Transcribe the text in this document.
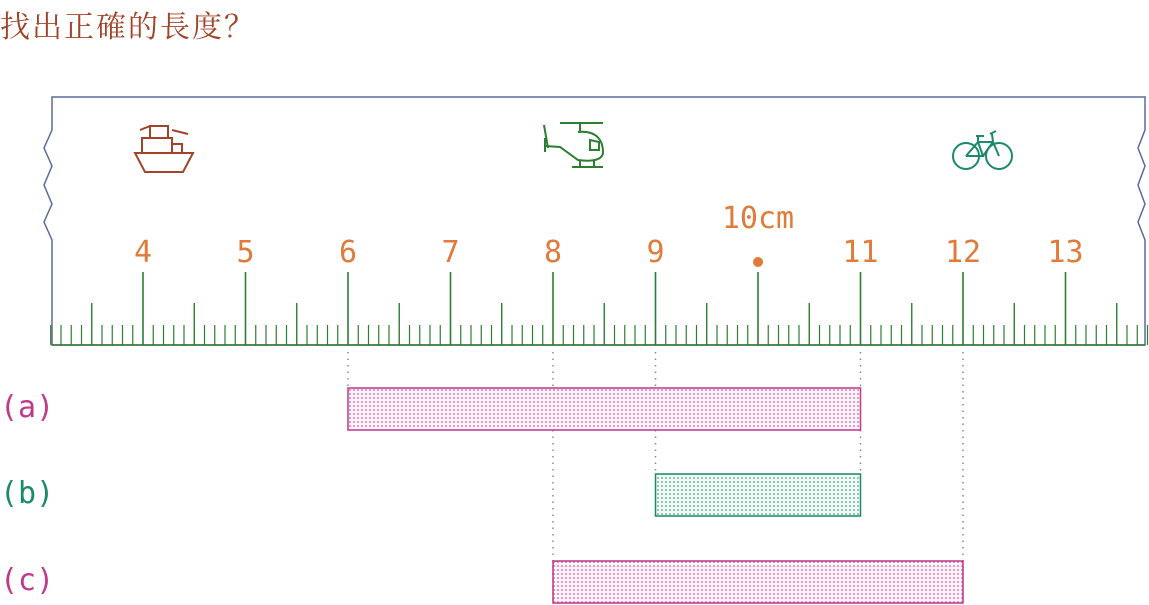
找出正確的長度？
4	5	6	7	8	9	11 12 13
10cm
(a)
(b)
(c)
